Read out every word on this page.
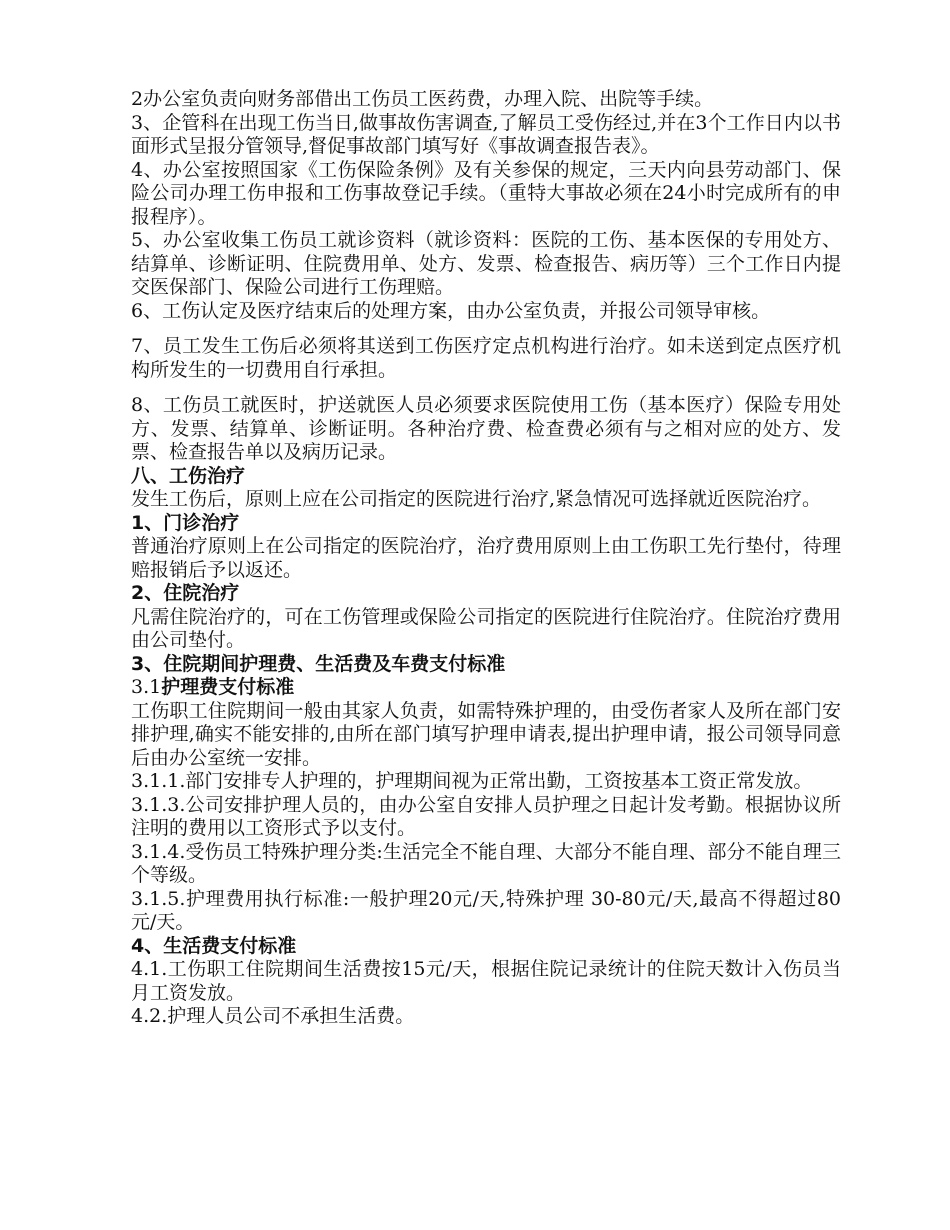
2办公室负责向财务部借出工伤员工医药费，办理入院、出院等手续。

3、企管科在出现工伤当日,做事故伤害调查,了解员工受伤经过,并在3个工作日内以书面形式呈报分管领导,督促事故部门填写好《事故调查报告表》。

4、办公室按照国家《工伤保险条例》及有关参保的规定，三天内向县劳动部门、保险公司办理工伤申报和工伤事故登记手续。（重特大事故必须在24小时完成所有的申报程序）。

5、办公室收集工伤员工就诊资料（就诊资料：医院的工伤、基本医保的专用处方、结算单、诊断证明、住院费用单、处方、发票、检查报告、病历等）三个工作日内提交医保部门、保险公司进行工伤理赔。

6、工伤认定及医疗结束后的处理方案，由办公室负责，并报公司领导审核。

7、员工发生工伤后必须将其送到工伤医疗定点机构进行治疗。如未送到定点医疗机构所发生的一切费用自行承担。

8、工伤员工就医时，护送就医人员必须要求医院使用工伤（基本医疗）保险专用处方、发票、结算单、诊断证明。各种治疗费、检查费必须有与之相对应的处方、发票、检查报告单以及病历记录。

八、工伤治疗

发生工伤后，原则上应在公司指定的医院进行治疗,紧急情况可选择就近医院治疗。

1、门诊治疗

普通治疗原则上在公司指定的医院治疗，治疗费用原则上由工伤职工先行垫付，待理赔报销后予以返还。

2、住院治疗

凡需住院治疗的，可在工伤管理或保险公司指定的医院进行住院治疗。住院治疗费用由公司垫付。

3、住院期间护理费、生活费及车费支付标准

3.1护理费支付标准

工伤职工住院期间一般由其家人负责，如需特殊护理的，由受伤者家人及所在部门安排护理,确实不能安排的,由所在部门填写护理申请表,提出护理申请，报公司领导同意后由办公室统一安排。

3.1.1.部门安排专人护理的，护理期间视为正常出勤，工资按基本工资正常发放。

3.1.3.公司安排护理人员的，由办公室自安排人员护理之日起计发考勤。根据协议所注明的费用以工资形式予以支付。

3.1.4.受伤员工特殊护理分类:生活完全不能自理、大部分不能自理、部分不能自理三个等级。

3.1.5.护理费用执行标准:一般护理20元/天,特殊护理 30-80元/天,最高不得超过80元/天。

4、生活费支付标准

4.1.工伤职工住院期间生活费按15元/天，根据住院记录统计的住院天数计入伤员当月工资发放。

4.2.护理人员公司不承担生活费。
